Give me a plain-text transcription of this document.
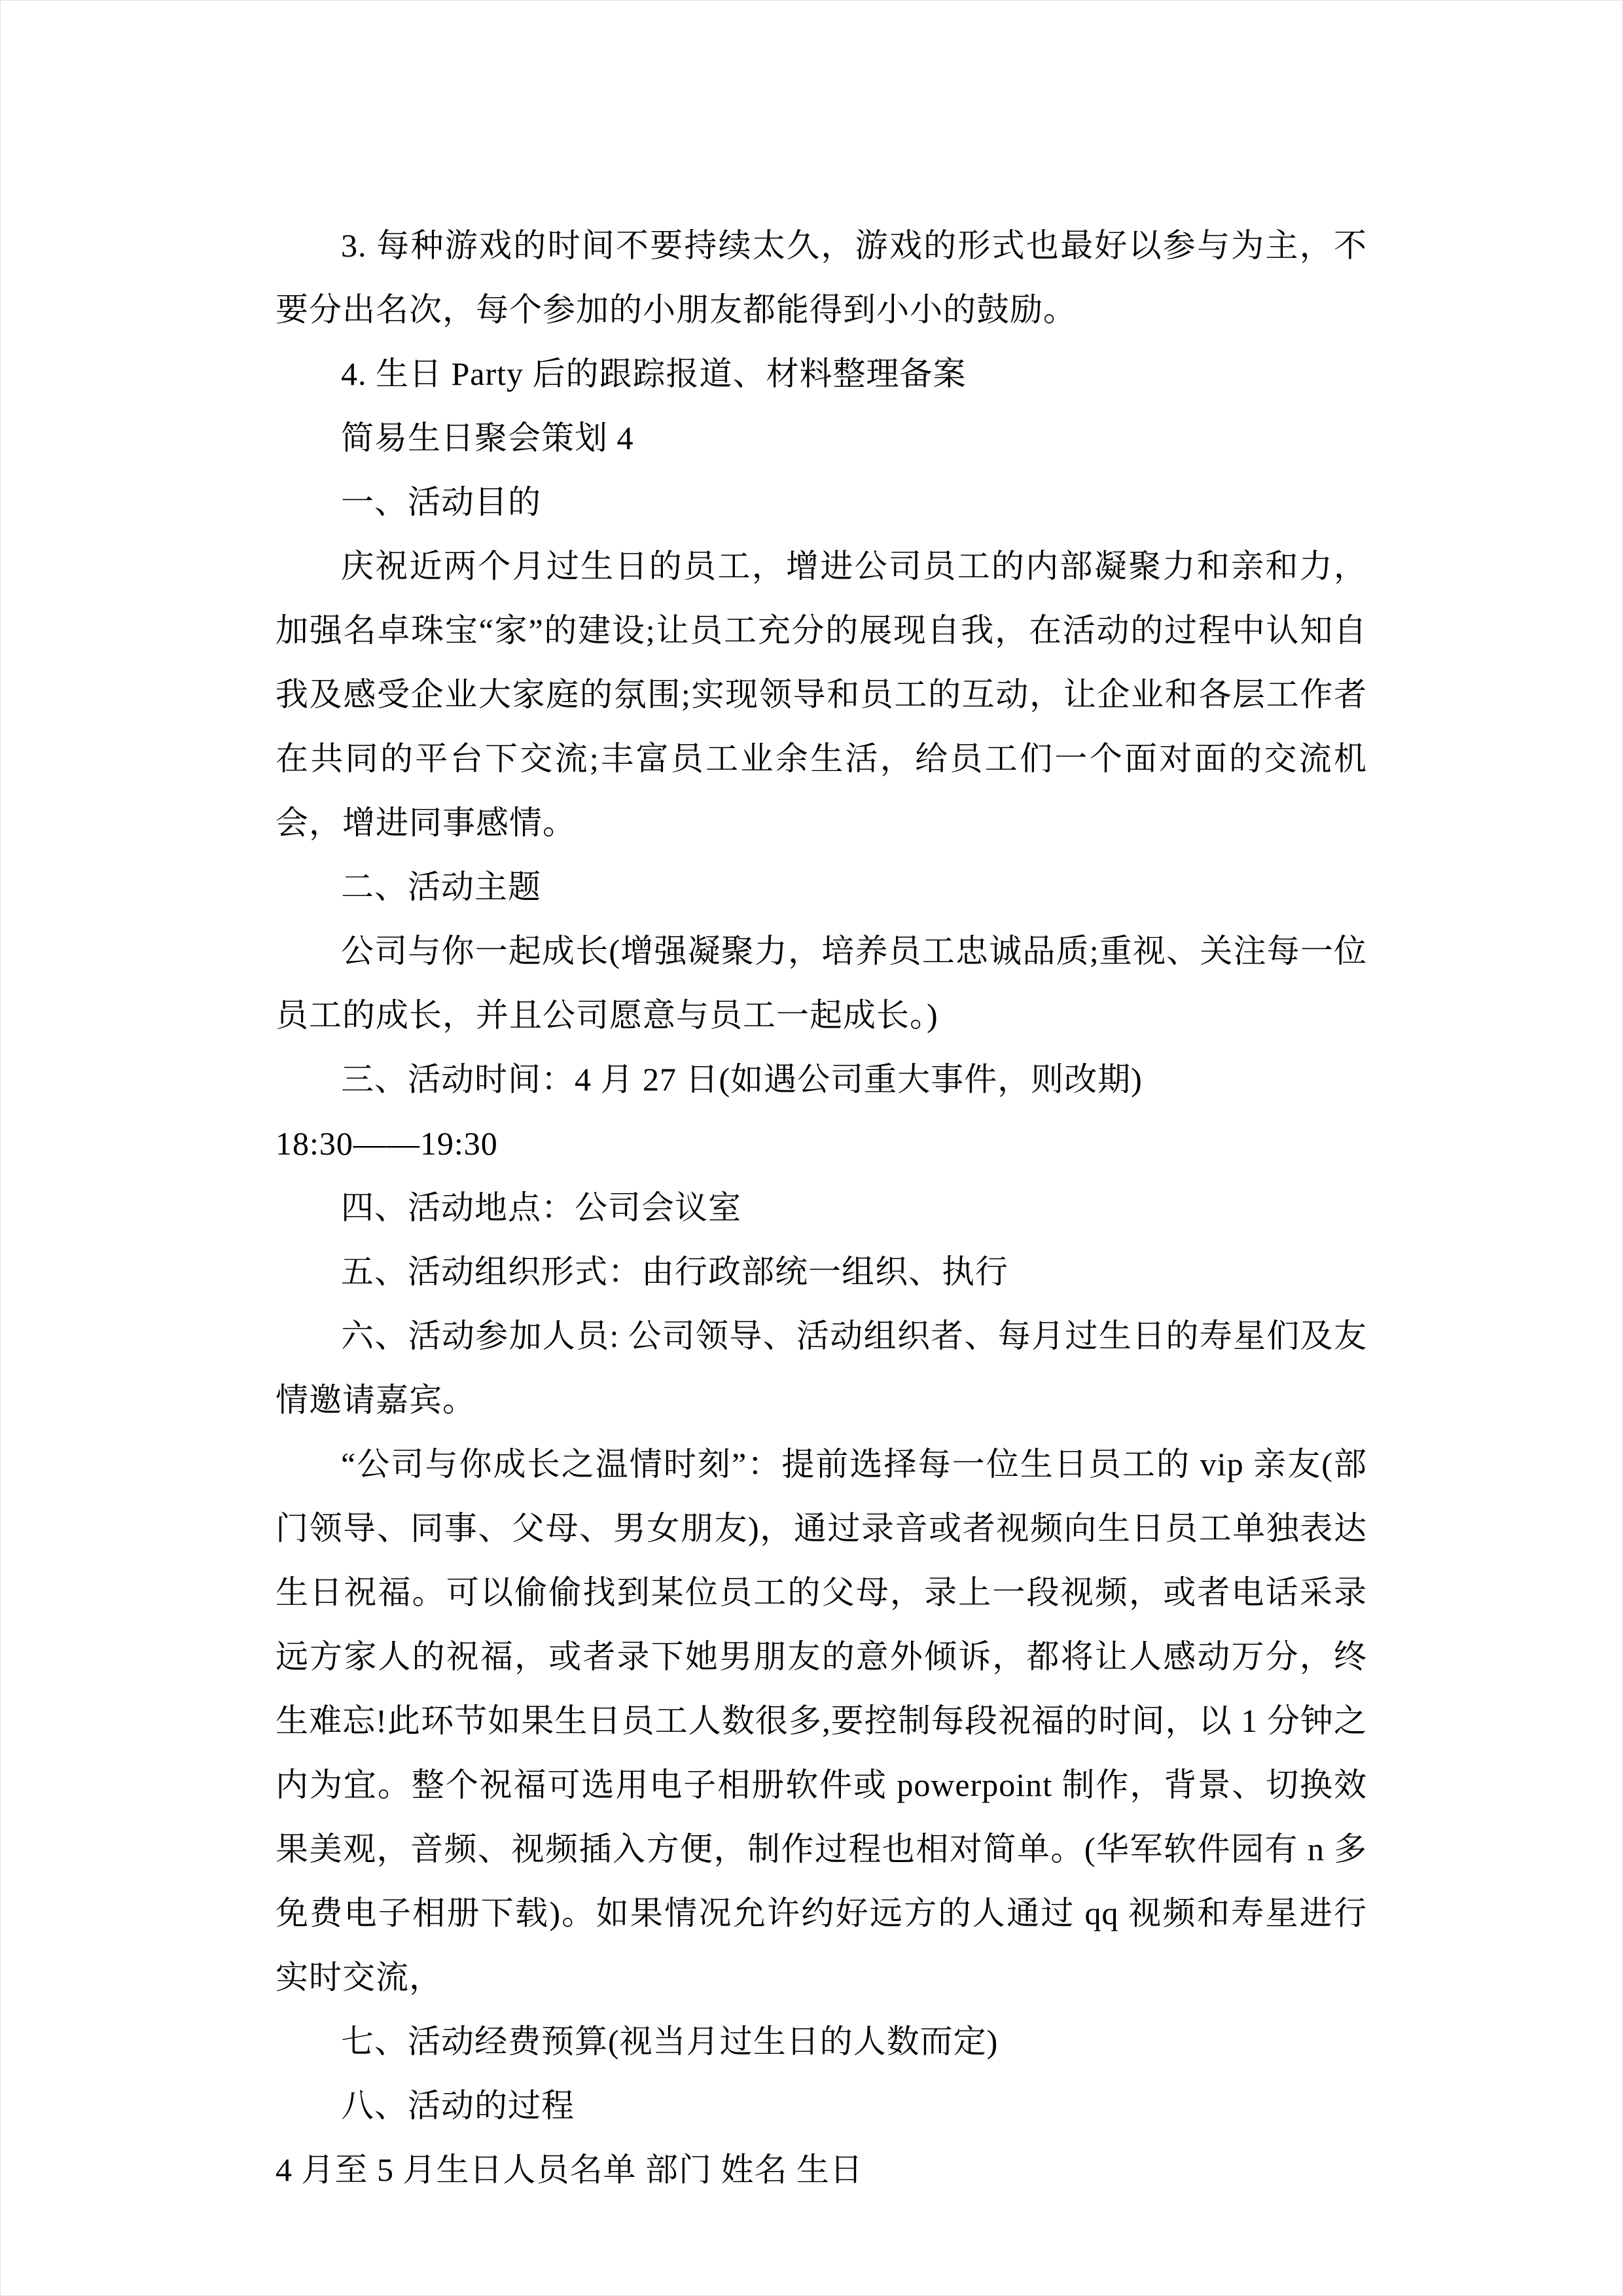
3. 每种游戏的时间不要持续太久，游戏的形式也最好以参与为主，不要分出名次，每个参加的小朋友都能得到小小的鼓励。

4. 生日 Party 后的跟踪报道、材料整理备案

简易生日聚会策划 4

一、活动目的

庆祝近两个月过生日的员工，增进公司员工的内部凝聚力和亲和力，加强名卓珠宝“家”的建设;让员工充分的展现自我，在活动的过程中认知自我及感受企业大家庭的氛围;实现领导和员工的互动，让企业和各层工作者在共同的平台下交流;丰富员工业余生活，给员工们一个面对面的交流机会，增进同事感情。

二、活动主题

公司与你一起成长(增强凝聚力，培养员工忠诚品质;重视、关注每一位员工的成长，并且公司愿意与员工一起成长。)

三、活动时间：4 月 27 日(如遇公司重大事件，则改期)

18:30——19:30

四、活动地点：公司会议室

五、活动组织形式：由行政部统一组织、执行

六、活动参加人员: 公司领导、活动组织者、每月过生日的寿星们及友情邀请嘉宾。

“公司与你成长之温情时刻”：提前选择每一位生日员工的 vip 亲友(部门领导、同事、父母、男女朋友)，通过录音或者视频向生日员工单独表达生日祝福。可以偷偷找到某位员工的父母，录上一段视频，或者电话采录远方家人的祝福，或者录下她男朋友的意外倾诉，都将让人感动万分，终生难忘!此环节如果生日员工人数很多,要控制每段祝福的时间，以 1 分钟之内为宜。整个祝福可选用电子相册软件或 powerpoint 制作，背景、切换效果美观，音频、视频插入方便，制作过程也相对简单。(华军软件园有 n 多免费电子相册下载)。如果情况允许约好远方的人通过 qq 视频和寿星进行实时交流，

七、活动经费预算(视当月过生日的人数而定)

八、活动的过程

4 月至 5 月生日人员名单 部门 姓名 生日
